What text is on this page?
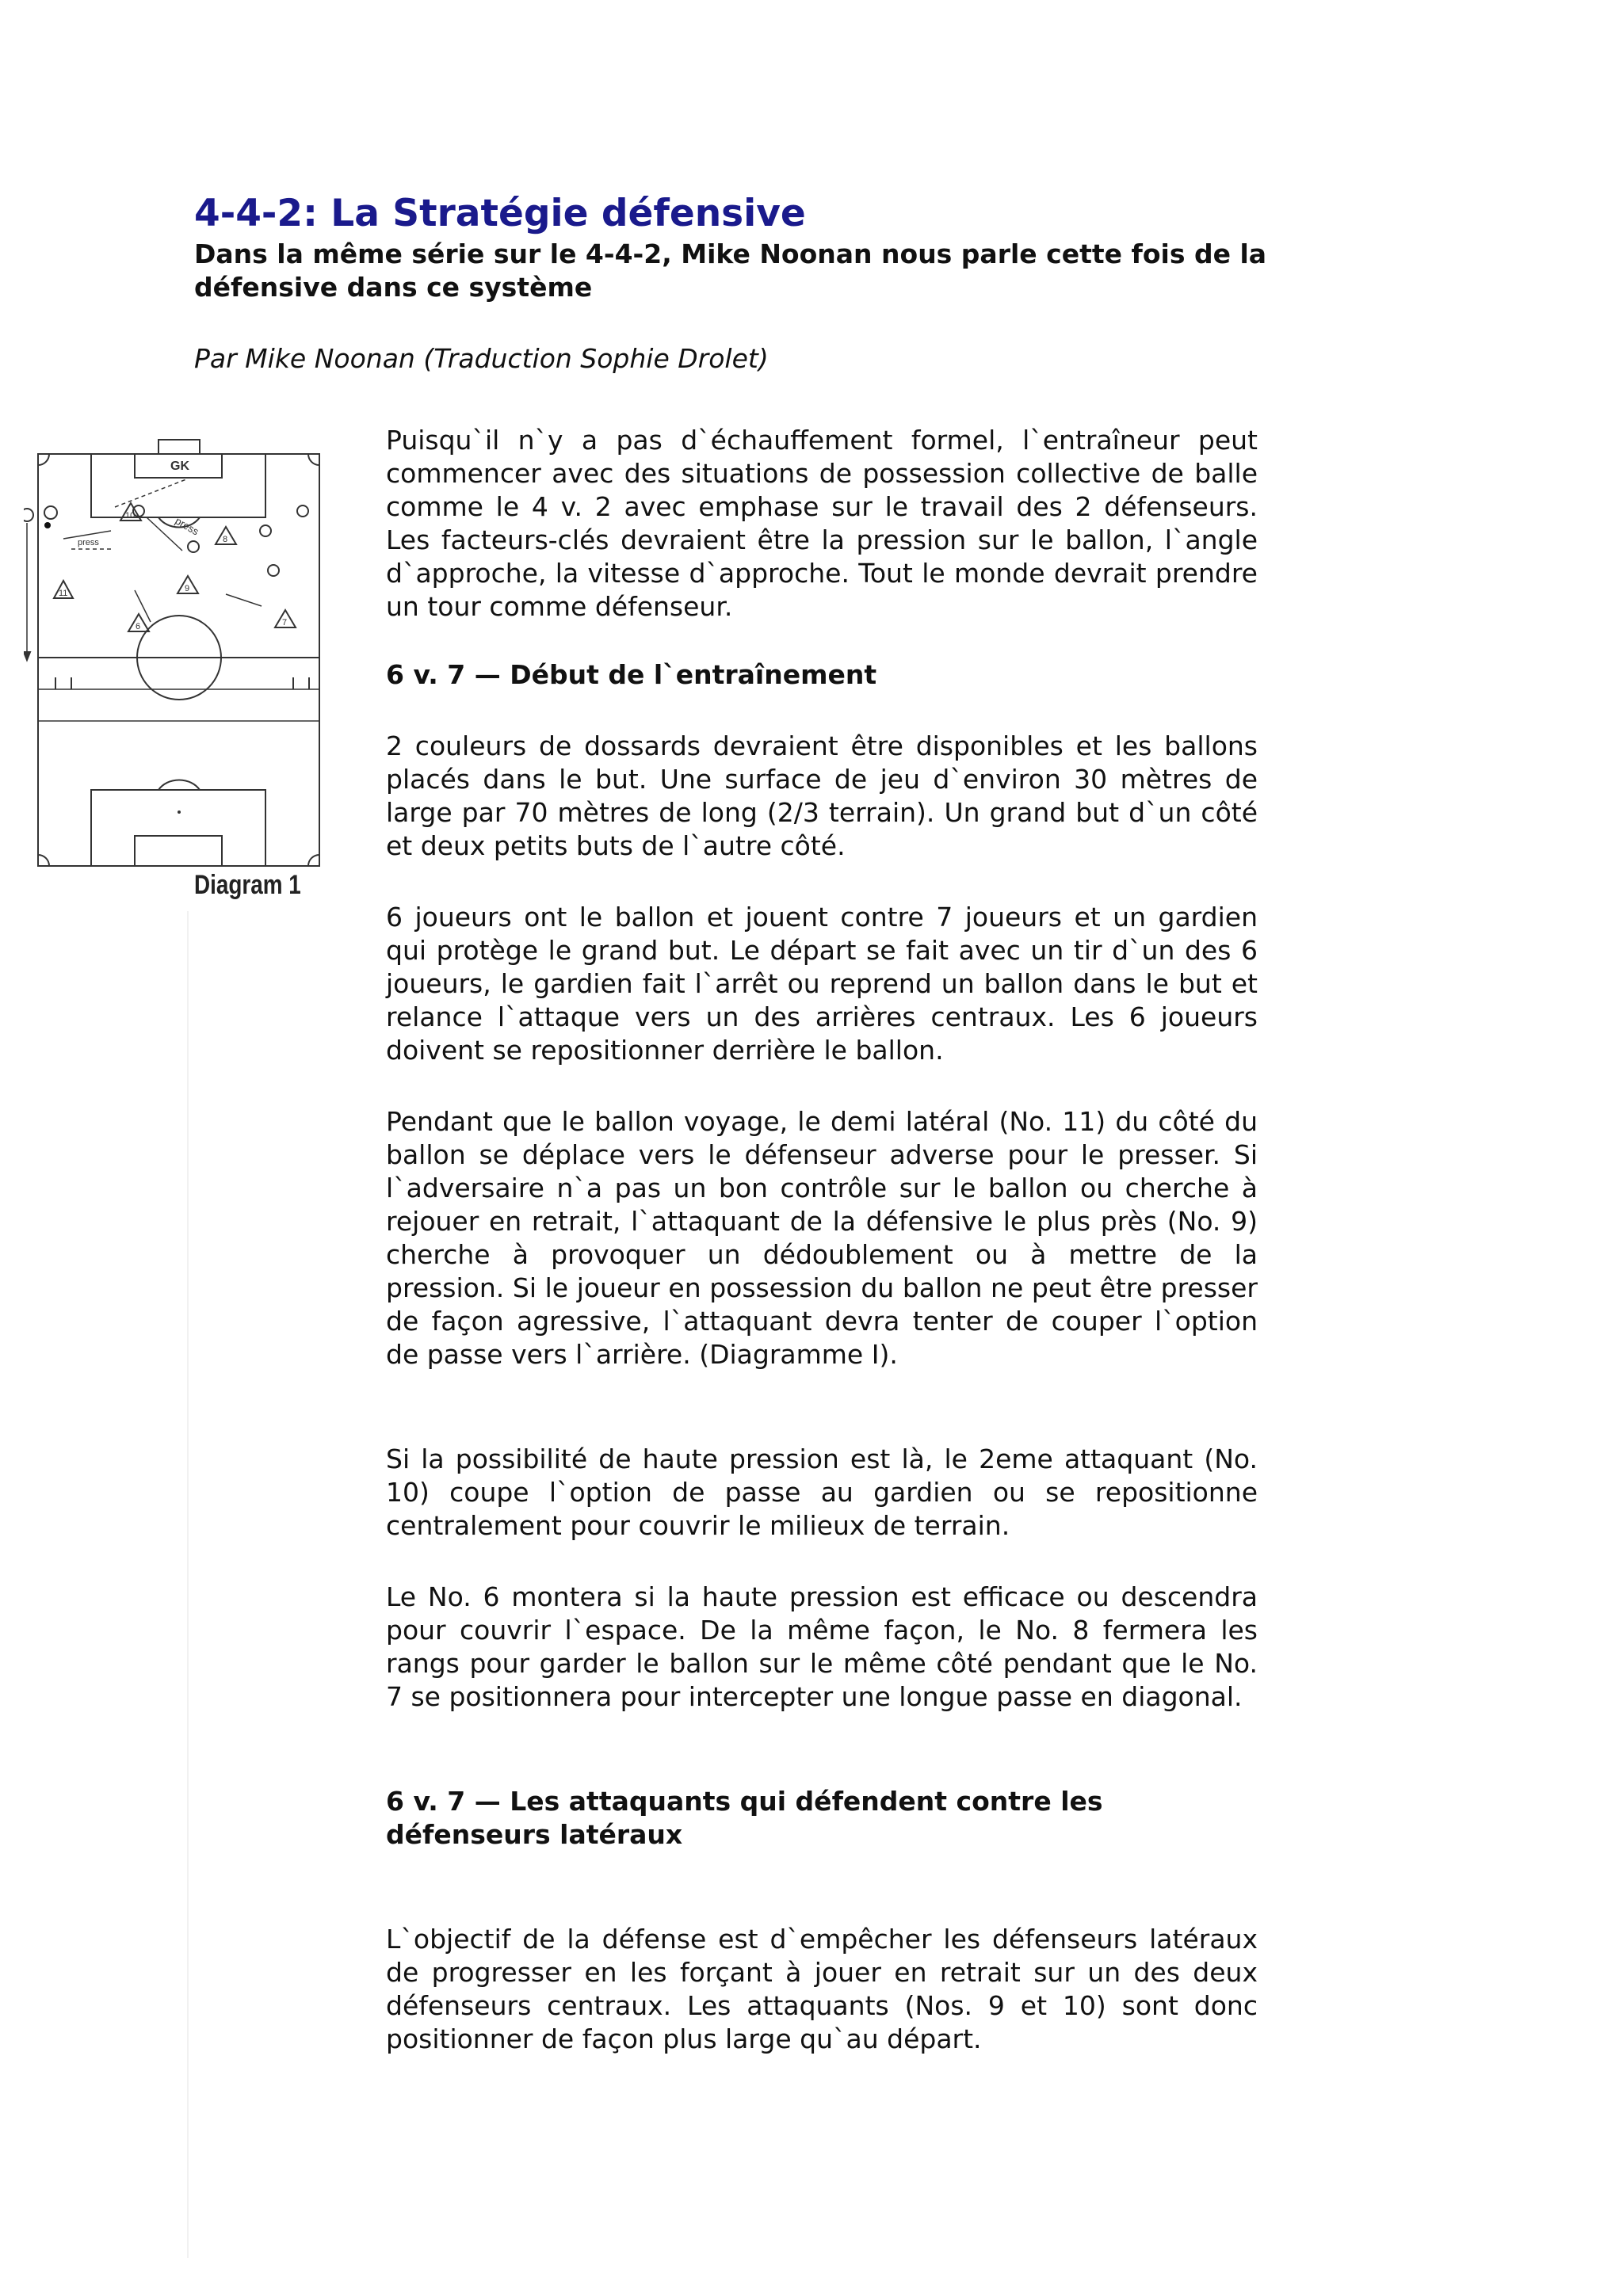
4-4-2: La Stratégie défensive

Dans la même série sur le 4-4-2, Mike Noonan nous parle cette fois de la défensive dans ce système

Par Mike Noonan (Traduction Sophie Drolet)

GK
press
press
11
10
8
9
6	7
Diagram 1

Puisqu`il n`y a pas d`échauffement formel, l`entraîneur peut commencer avec des situations de possession collective de balle comme le 4 v. 2 avec emphase sur le travail des 2 défenseurs. Les facteurs-clés devraient être la pression sur le ballon, l`angle d`approche, la vitesse d`approche. Tout le monde devrait prendre un tour comme défenseur.

6 v. 7 — Début de l`entraînement

2 couleurs de dossards devraient être disponibles et les ballons placés dans le but. Une surface de jeu d`environ 30 mètres de large par 70 mètres de long (2/3 terrain). Un grand but d`un côté et deux petits buts de l`autre côté.

6 joueurs ont le ballon et jouent contre 7 joueurs et un gardien qui protège le grand but. Le départ se fait avec un tir d`un des 6 joueurs, le gardien fait l`arrêt ou reprend un ballon dans le but et relance l`attaque vers un des arrières centraux. Les 6 joueurs doivent se repositionner derrière le ballon.

Pendant que le ballon voyage, le demi latéral (No. 11) du côté du ballon se déplace vers le défenseur adverse pour le presser. Si l`adversaire n`a pas un bon contrôle sur le ballon ou cherche à rejouer en retrait, l`attaquant de la défensive le plus près (No. 9) cherche à provoquer un dédoublement ou à mettre de la pression. Si le joueur en possession du ballon ne peut être presser de façon agressive, l`attaquant devra tenter de couper l`option de passe vers l`arrière. (Diagramme I).

Si la possibilité de haute pression est là, le 2eme attaquant (No. 10) coupe l`option de passe au gardien ou se repositionne centralement pour couvrir le milieux de terrain.

Le No. 6 montera si la haute pression est efficace ou descendra pour couvrir l`espace. De la même façon, le No. 8 fermera les rangs pour garder le ballon sur le même côté pendant que le No. 7 se positionnera pour intercepter une longue passe en diagonal.

6 v. 7 — Les attaquants qui défendent contre les défenseurs latéraux

L`objectif de la défense est d`empêcher les défenseurs latéraux de progresser en les forçant à jouer en retrait sur un des deux défenseurs centraux. Les attaquants (Nos. 9 et 10) sont donc positionner de façon plus large qu`au départ.
